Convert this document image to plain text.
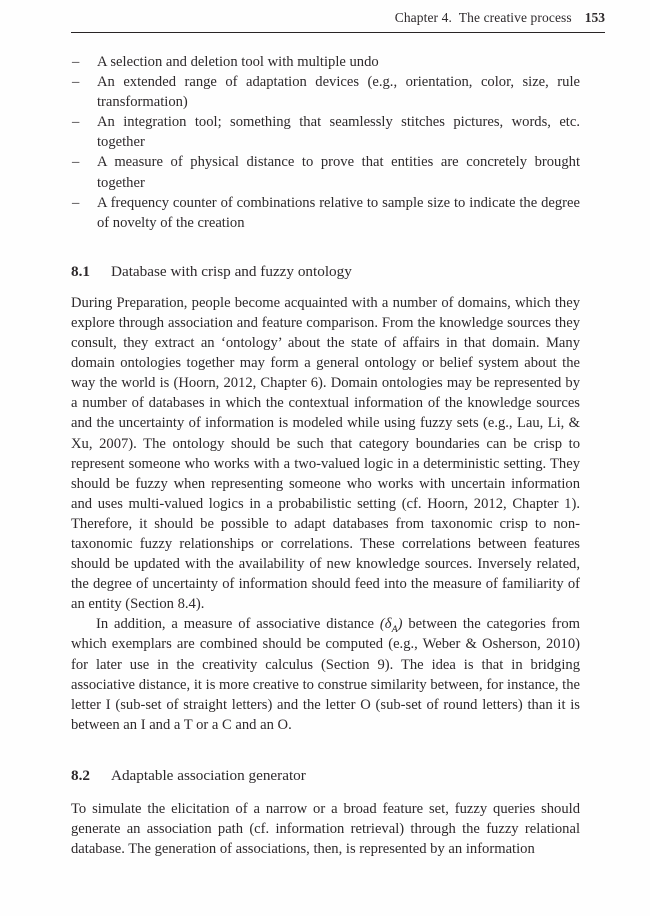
Chapter 4. The creative process 153
– A selection and deletion tool with multiple undo
– An extended range of adaptation devices (e.g., orientation, color, size, rule transformation)
– An integration tool; something that seamlessly stitches pictures, words, etc. together
– A measure of physical distance to prove that entities are concretely brought together
– A frequency counter of combinations relative to sample size to indicate the degree of novelty of the creation
8.1 Database with crisp and fuzzy ontology

During Preparation, people become acquainted with a number of domains, which they explore through association and feature comparison. From the knowledge sources they consult, they extract an ‘ontology’ about the state of affairs in that domain. Many domain ontologies together may form a general ontology or belief system about the way the world is (Hoorn, 2012, Chapter 6). Domain ontologies may be represented by a number of databases in which the contextual information of the knowledge sources and the uncertainty of information is modeled while using fuzzy sets (e.g., Lau, Li, & Xu, 2007). The ontology should be such that category boundaries can be crisp to represent someone who works with a two-valued logic in a deterministic setting. They should be fuzzy when representing someone who works with uncertain information and uses multi-valued logics in a probabilistic setting (cf. Hoorn, 2012, Chapter 1). Therefore, it should be possible to adapt databases from taxonomic crisp to non-taxonomic fuzzy relationships or correlations. These correlations between features should be updated with the availability of new knowledge sources. Inversely related, the degree of uncertainty of information should feed into the measure of familiarity of an entity (Section 8.4).

In addition, a measure of associative distance $(\delta_A)$ between the categories from which exemplars are combined should be computed (e.g., Weber & Osherson, 2010) for later use in the creativity calculus (Section 9). The idea is that in bridging associative distance, it is more creative to construe similarity between, for instance, the letter I (sub-set of straight letters) and the letter O (sub-set of round letters) than it is between an I and a T or a C and an O.

8.2 Adaptable association generator

To simulate the elicitation of a narrow or a broad feature set, fuzzy queries should generate an association path (cf. information retrieval) through the fuzzy relational database. The generation of associations, then, is represented by an information
